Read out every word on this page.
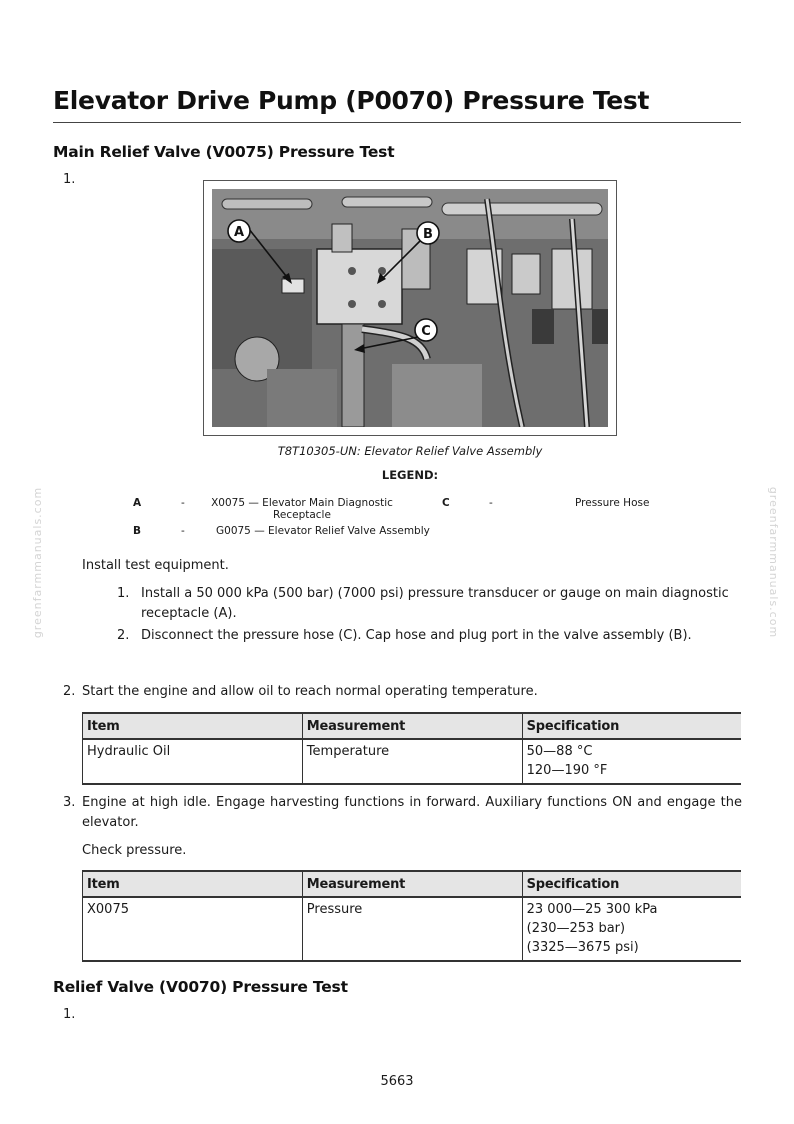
greenfarmmanuals.com	greenfarmmanuals.com
Elevator Drive Pump (P0070) Pressure Test
Main Relief Valve (V0075) Pressure Test
1.
A	B
C
T8T10305-UN: Elevator Relief Valve Assembly
LEGEND:
A	-	X0075 — Elevator Main Diagnostic Receptacle
B	-	G0075 — Elevator Relief Valve Assembly
C	-	Pressure Hose
Install test equipment.
1. Install a 50 000 kPa (500 bar) (7000 psi) pressure transducer or gauge on main diagnostic receptacle (A).
2. Disconnect the pressure hose (C). Cap hose and plug port in the valve assembly (B).
2. Start the engine and allow oil to reach normal operating temperature.
Item	Measurement	Specification
Hydraulic Oil	Temperature	50—88 °C
120—190 °F
3. Engine at high idle. Engage harvesting functions in forward. Auxiliary functions ON and engage the elevator.
Check pressure.
Item	Measurement	Specification
X0075	Pressure	23 000—25 300 kPa
(230—253 bar)
(3325—3675 psi)
Relief Valve (V0070) Pressure Test
1.
5663
